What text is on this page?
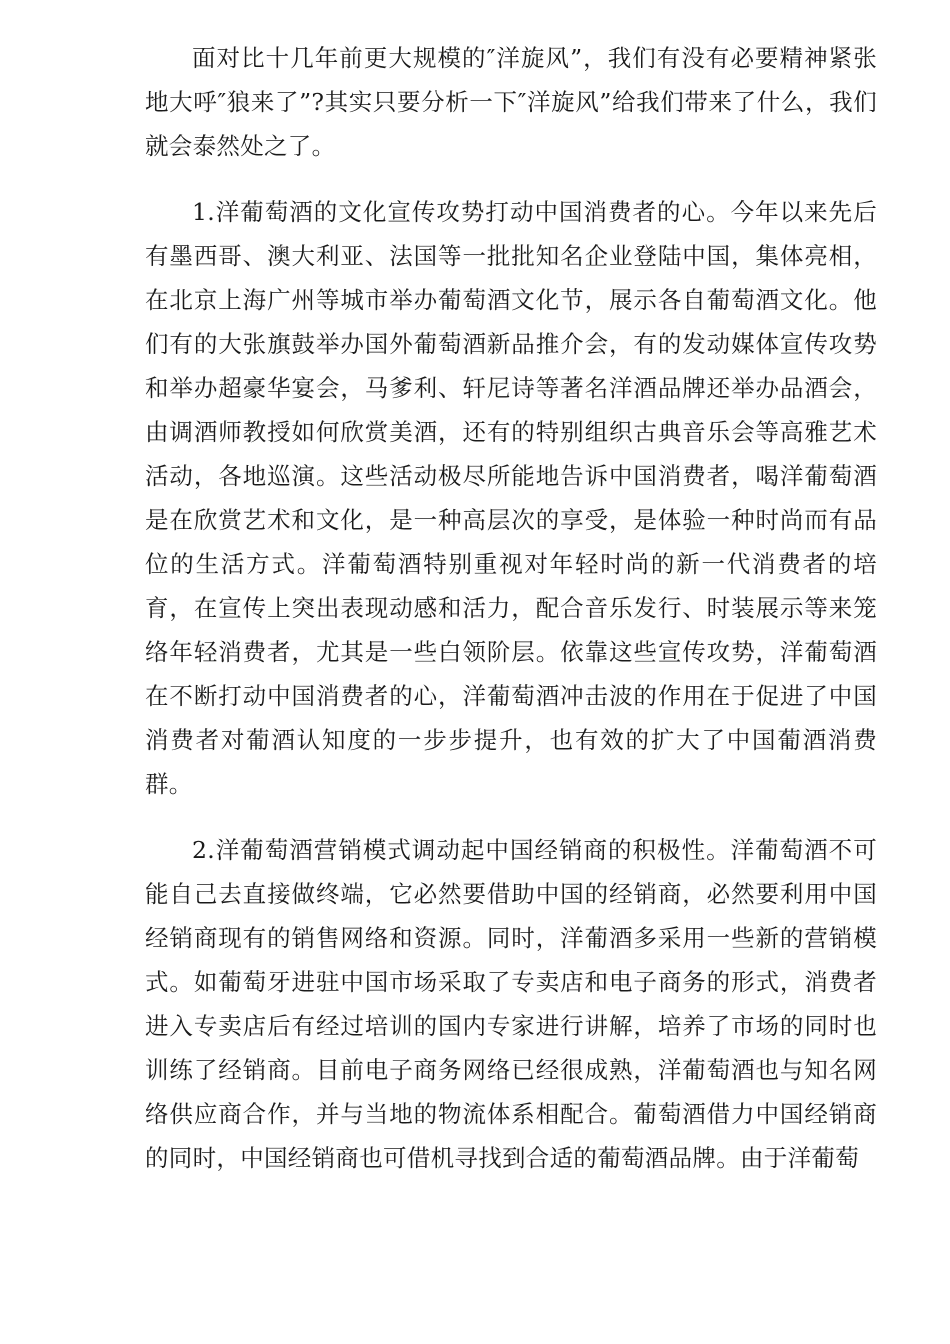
面对比十几年前更大规模的″洋旋风”，我们有没有必要精神紧张地大呼″狼来了”?其实只要分析一下″洋旋风”给我们带来了什么，我们就会泰然处之了。

1.洋葡萄酒的文化宣传攻势打动中国消费者的心。今年以来先后有墨西哥、澳大利亚、法国等一批批知名企业登陆中国，集体亮相，在北京上海广州等城市举办葡萄酒文化节，展示各自葡萄酒文化。他们有的大张旗鼓举办国外葡萄酒新品推介会，有的发动媒体宣传攻势和举办超豪华宴会，马爹利、轩尼诗等著名洋酒品牌还举办品酒会，由调酒师教授如何欣赏美酒，还有的特别组织古典音乐会等高雅艺术活动，各地巡演。这些活动极尽所能地告诉中国消费者，喝洋葡萄酒是在欣赏艺术和文化，是一种高层次的享受，是体验一种时尚而有品位的生活方式。洋葡萄酒特别重视对年轻时尚的新一代消费者的培育，在宣传上突出表现动感和活力，配合音乐发行、时装展示等来笼络年轻消费者，尤其是一些白领阶层。依靠这些宣传攻势，洋葡萄酒在不断打动中国消费者的心，洋葡萄酒冲击波的作用在于促进了中国消费者对葡酒认知度的一步步提升，也有效的扩大了中国葡酒消费群。

2.洋葡萄酒营销模式调动起中国经销商的积极性。洋葡萄酒不可能自己去直接做终端，它必然要借助中国的经销商，必然要利用中国经销商现有的销售网络和资源。同时，洋葡酒多采用一些新的营销模式。如葡萄牙进驻中国市场采取了专卖店和电子商务的形式，消费者进入专卖店后有经过培训的国内专家进行讲解，培养了市场的同时也训练了经销商。目前电子商务网络已经很成熟，洋葡萄酒也与知名网络供应商合作，并与当地的物流体系相配合。葡萄酒借力中国经销商的同时，中国经销商也可借机寻找到合适的葡萄酒品牌。由于洋葡萄
